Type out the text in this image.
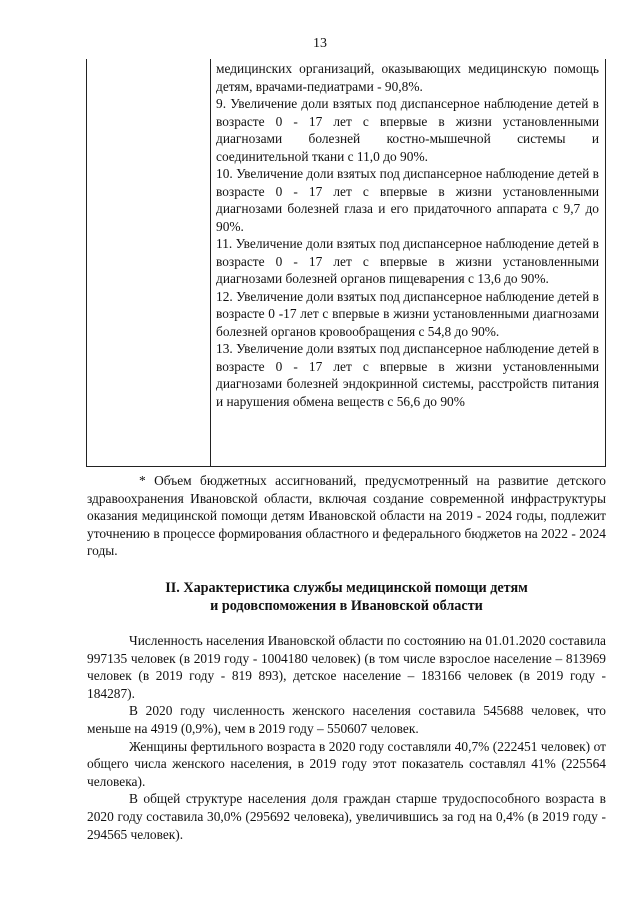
13

медицинских организаций, оказывающих медицинскую помощь детям, врачами-педиатрами - 90,8%.

9. Увеличение доли взятых под диспансерное наблюдение детей в возрасте 0 - 17 лет с впервые в жизни установленными диагнозами болезней костно-мышечной системы и соединительной ткани с 11,0 до 90%.

10. Увеличение доли взятых под диспансерное наблюдение детей в возрасте 0 - 17 лет с впервые в жизни установленными диагнозами болезней глаза и его придаточного аппарата с 9,7 до 90%.

11. Увеличение доли взятых под диспансерное наблюдение детей в возрасте 0 - 17 лет с впервые в жизни установленными диагнозами болезней органов пищеварения с 13,6 до 90%.

12. Увеличение доли взятых под диспансерное наблюдение детей в возрасте 0 -17 лет с впервые в жизни установленными диагнозами болезней органов кровообращения с 54,8 до 90%.

13. Увеличение доли взятых под диспансерное наблюдение детей в возрасте 0 - 17 лет с впервые в жизни установленными диагнозами болезней эндокринной системы, расстройств питания и нарушения обмена веществ с 56,6 до 90%

* Объем бюджетных ассигнований, предусмотренный на развитие детского здравоохранения Ивановской области, включая создание современной инфраструктуры оказания медицинской помощи детям Ивановской области на 2019 - 2024 годы, подлежит уточнению в процессе формирования областного и федерального бюджетов на 2022 - 2024 годы.

II. Характеристика службы медицинской помощи детям
и родовспоможения в Ивановской области

Численность населения Ивановской области по состоянию на 01.01.2020 составила 997135 человек (в 2019 году - 1004180 человек) (в том числе взрослое население – 813969 человек (в 2019 году - 819 893), детское население – 183166 человек (в 2019 году - 184287).

В 2020 году численность женского населения составила 545688 человек, что меньше на 4919 (0,9%), чем в 2019 году – 550607 человек.

Женщины фертильного возраста в 2020 году составляли 40,7% (222451 человек) от общего числа женского населения, в 2019 году этот показатель составлял 41% (225564 человека).

В общей структуре населения доля граждан старше трудоспособного возраста в 2020 году составила 30,0% (295692 человека), увеличившись за год на 0,4% (в 2019 году - 294565 человек).
